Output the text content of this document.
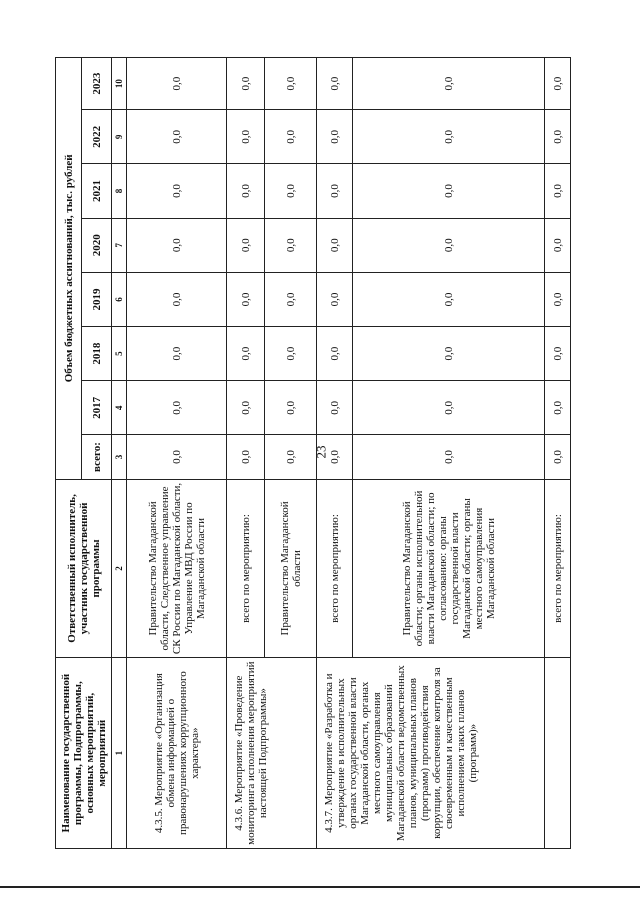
23
Наименование государственной программы, Подпрограммы, основных мероприятий, мероприятий	Ответственный исполнитель, участник государственной программы	Объем бюджетных ассигнований, тыс. рублей							
		всего:	2017	2018	2019	2020	2021	2022	2023
1	2	3	4	5	6	7	8	9	10
4.3.5. Мероприятие «Организация обмена информацией о правонарушениях коррупционного характера»	Правительство Магаданской области, Следственное управление СК России по Магаданской области, Управление МВД России по Магаданской области	0,0	0,0	0,0	0,0	0,0	0,0	0,0	0,0
4.3.6. Мероприятие «Проведение мониторинга исполнения мероприятий настоящей Подпрограммы»	всего по мероприятию:	0,0	0,0	0,0	0,0	0,0	0,0	0,0	0,0
	Правительство Магаданской области	0,0	0,0	0,0	0,0	0,0	0,0	0,0	0,0
4.3.7. Мероприятие «Разработка и утверждение в исполнительных органах государственной власти Магаданской области, органах местного самоуправления муниципальных образований Магаданской области ведомственных планов, муниципальных планов (программ) противодействия коррупции, обеспечение контроля за своевременным и качественным исполнением таких планов (программ)»	всего по мероприятию:	0,0	0,0	0,0	0,0	0,0	0,0	0,0	0,0
	Правительство Магаданской области; органы исполнительной власти Магаданской области; по согласованию: органы государственной власти Магаданской области; органы местного самоуправления Магаданской области	0,0	0,0	0,0	0,0	0,0	0,0	0,0	0,0
	всего по мероприятию:	0,0	0,0	0,0	0,0	0,0	0,0	0,0	0,0
